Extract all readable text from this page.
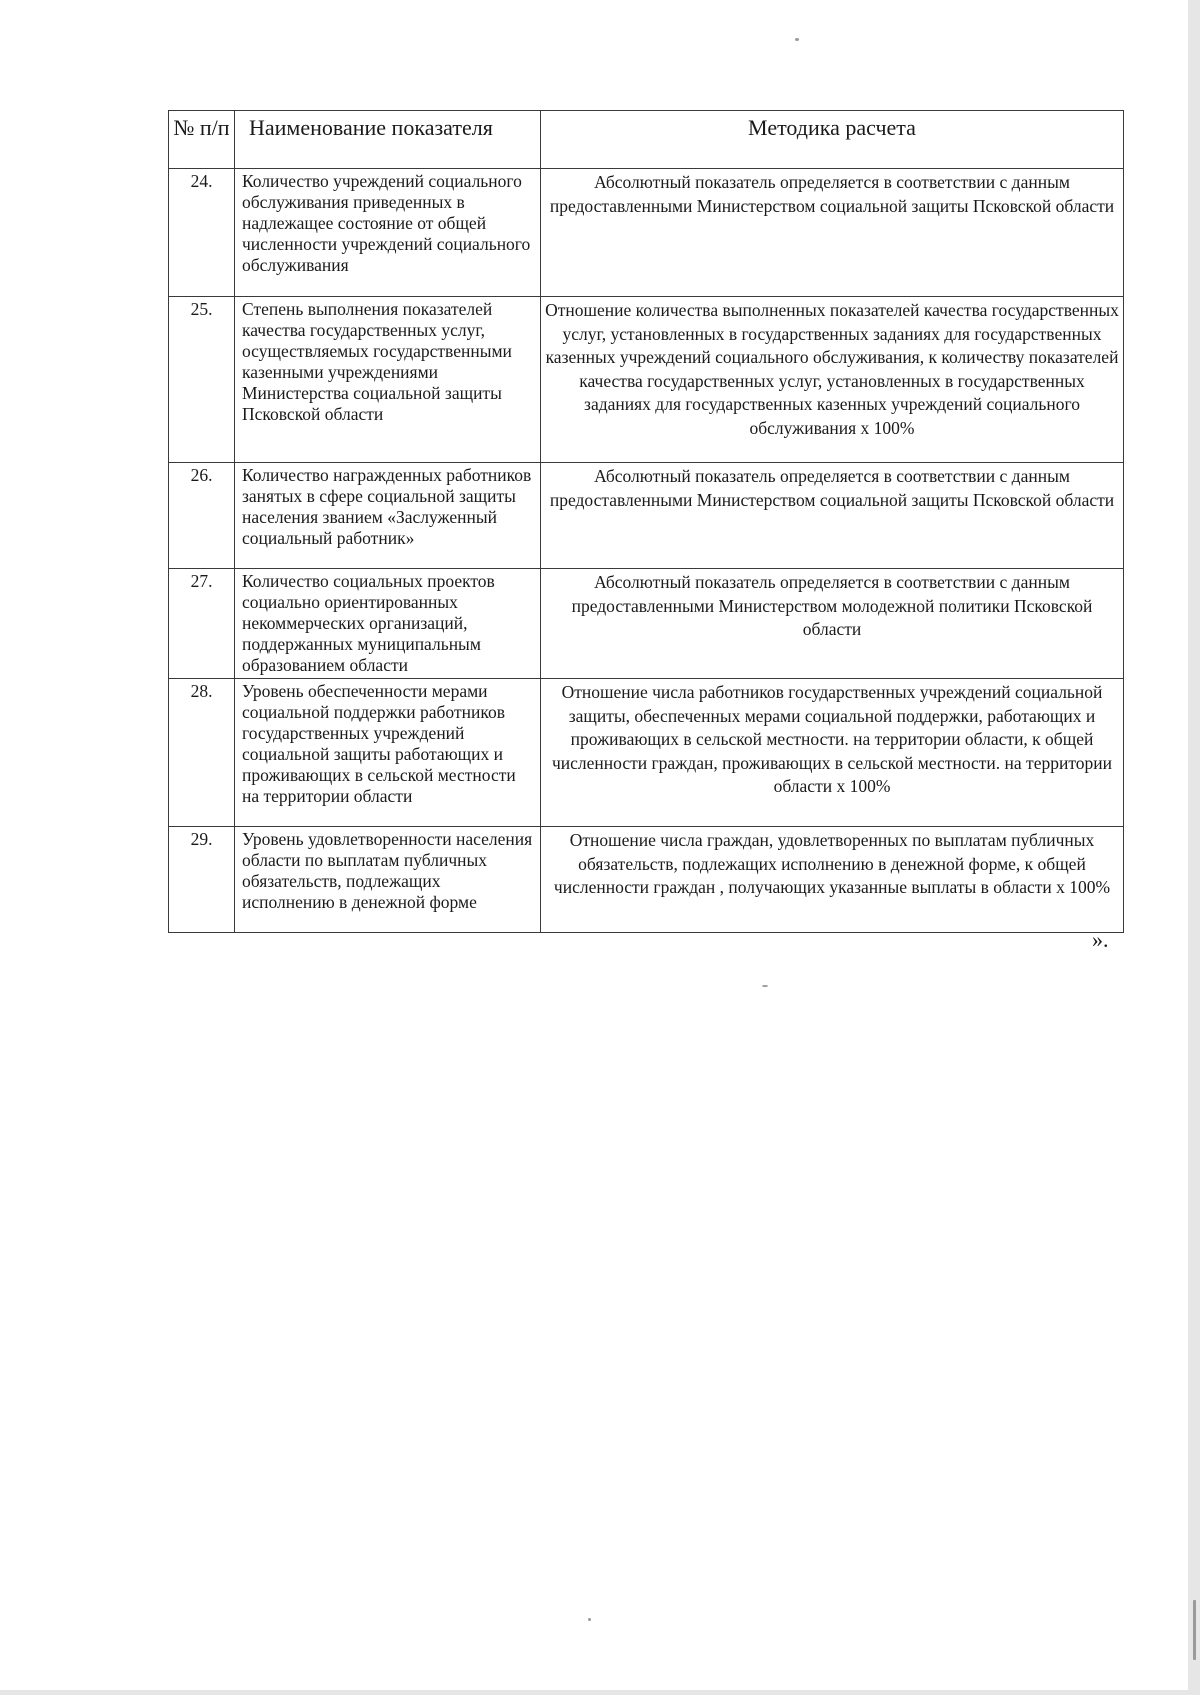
№ п/п	Наименование показателя	Методика расчета
24.	Количество учреждений социального обслуживания приведенных в надлежащее состояние от общей численности учреждений социального обслуживания	Абсолютный показатель определяется в соответствии с данным предоставленными Министерством социальной защиты Псковской области
25.	Степень выполнения показателей качества государственных услуг, осуществляемых государственными казенными учреждениями Министерства социальной защиты Псковской области	Отношение количества выполненных показателей качества государственных услуг, установленных в государственных заданиях для государственных казенных учреждений социального обслуживания, к количеству показателей качества государственных услуг, установленных в государственных заданиях для государственных казенных учреждений социального обслуживания х 100%
26.	Количество награжденных работников занятых в сфере социальной защиты населения званием «Заслуженный социальный работник»	Абсолютный показатель определяется в соответствии с данным предоставленными Министерством социальной защиты Псковской области
27.	Количество социальных проектов социально ориентированных некоммерческих организаций, поддержанных муниципальным образованием области	Абсолютный показатель определяется в соответствии с данным предоставленными Министерством молодежной политики Псковской области
28.	Уровень обеспеченности мерами социальной поддержки работников государственных учреждений социальной защиты работающих и проживающих в сельской местности на территории области	Отношение числа работников государственных учреждений социальной защиты, обеспеченных мерами социальной поддержки, работающих и проживающих в сельской местности. на территории области, к общей численности граждан, проживающих в сельской местности. на территории области х 100%
29.	Уровень удовлетворенности населения области по выплатам публичных обязательств, подлежащих исполнению в денежной форме	Отношение числа граждан, удовлетворенных по выплатам публичных обязательств, подлежащих исполнению в денежной форме, к общей численности граждан , получающих указанные выплаты в области х 100%
».
